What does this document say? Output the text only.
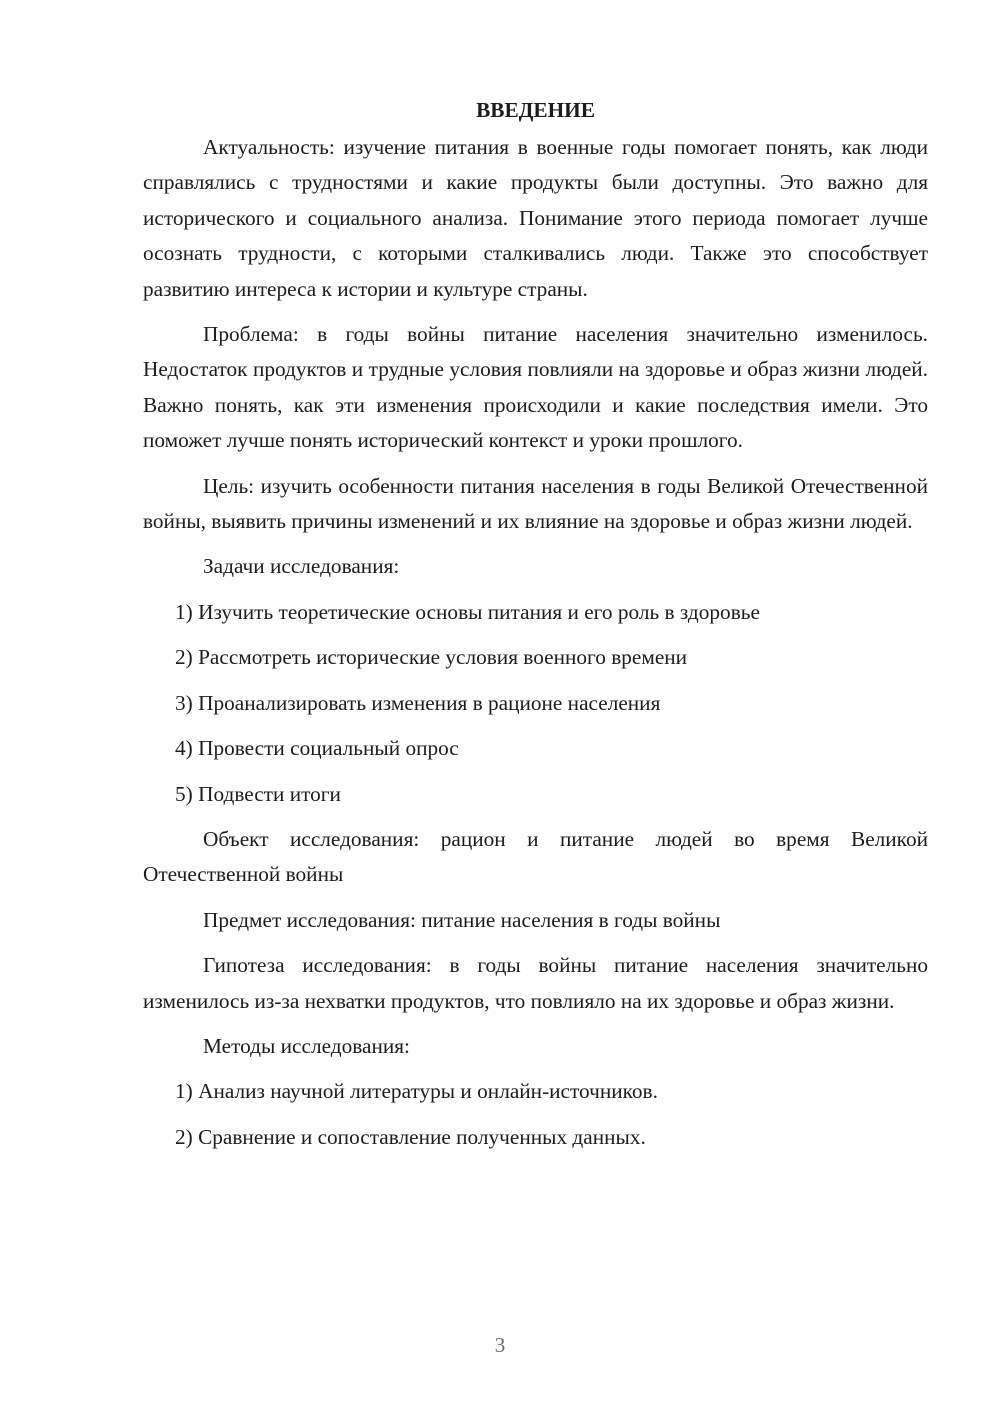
ВВЕДЕНИЕ

Актуальность: изучение питания в военные годы помогает понять, как люди справлялись с трудностями и какие продукты были доступны. Это важно для исторического и социального анализа. Понимание этого периода помогает лучше осознать трудности, с которыми сталкивались люди. Также это способствует развитию интереса к истории и культуре страны.

Проблема: в годы войны питание населения значительно изменилось. Недостаток продуктов и трудные условия повлияли на здоровье и образ жизни людей. Важно понять, как эти изменения происходили и какие последствия имели. Это поможет лучше понять исторический контекст и уроки прошлого.

Цель: изучить особенности питания населения в годы Великой Отечественной войны, выявить причины изменений и их влияние на здоровье и образ жизни людей.

Задачи исследования:

1) Изучить теоретические основы питания и его роль в здоровье

2) Рассмотреть исторические условия военного времени

3) Проанализировать изменения в рационе населения

4) Провести социальный опрос

5) Подвести итоги

Объект исследования: рацион и питание людей во время Великой Отечественной войны

Предмет исследования: питание населения в годы войны

Гипотеза исследования: в годы войны питание населения значительно изменилось из-за нехватки продуктов, что повлияло на их здоровье и образ жизни.

Методы исследования:

1) Анализ научной литературы и онлайн-источников.

2) Сравнение и сопоставление полученных данных.

3
